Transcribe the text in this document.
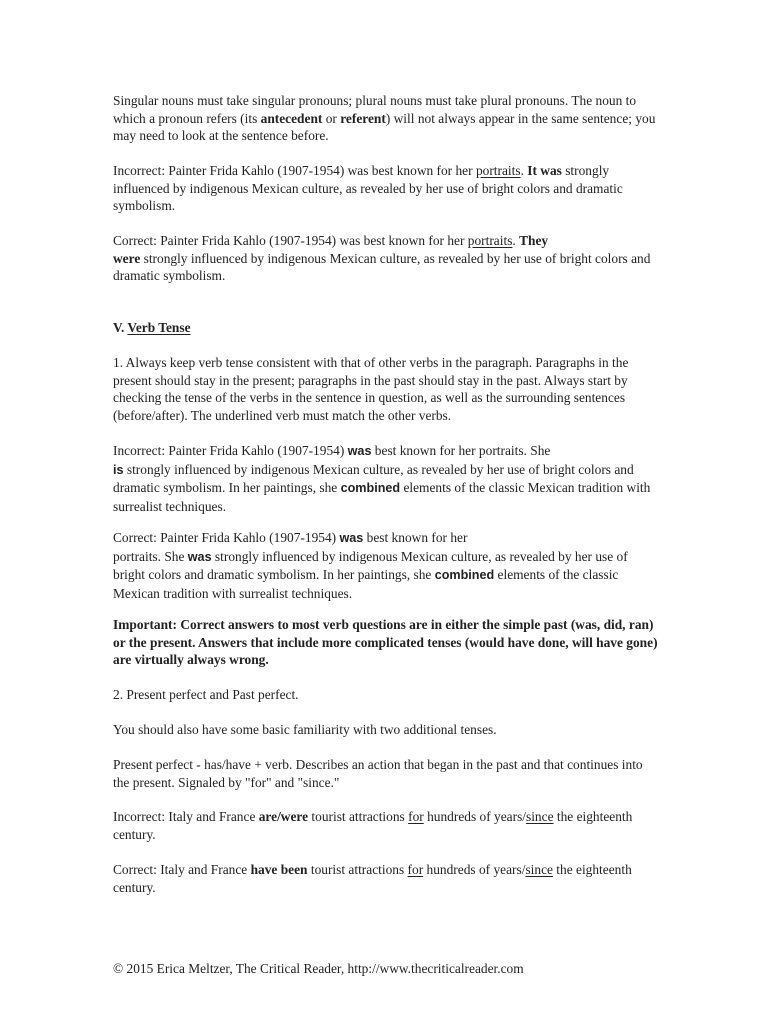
Singular nouns must take singular pronouns; plural nouns must take plural pronouns. The noun to which a pronoun refers (its antecedent or referent) will not always appear in the same sentence; you may need to look at the sentence before.

Incorrect: Painter Frida Kahlo (1907-1954) was best known for her portraits. It was strongly influenced by indigenous Mexican culture, as revealed by her use of bright colors and dramatic symbolism.

Correct: Painter Frida Kahlo (1907-1954) was best known for her portraits. They
were strongly influenced by indigenous Mexican culture, as revealed by her use of bright colors and dramatic symbolism.

V. Verb Tense

1. Always keep verb tense consistent with that of other verbs in the paragraph. Paragraphs in the present should stay in the present; paragraphs in the past should stay in the past. Always start by checking the tense of the verbs in the sentence in question, as well as the surrounding sentences (before/after). The underlined verb must match the other verbs.

Incorrect: Painter Frida Kahlo (1907-1954) was best known for her portraits. She
is strongly influenced by indigenous Mexican culture, as revealed by her use of bright colors and dramatic symbolism. In her paintings, she combined elements of the classic Mexican tradition with surrealist techniques.

Correct: Painter Frida Kahlo (1907-1954) was best known for her
portraits. She was strongly influenced by indigenous Mexican culture, as revealed by her use of bright colors and dramatic symbolism. In her paintings, she combined elements of the classic Mexican tradition with surrealist techniques.

Important: Correct answers to most verb questions are in either the simple past (was, did, ran) or the present. Answers that include more complicated tenses (would have done, will have gone) are virtually always wrong.

2. Present perfect and Past perfect.

You should also have some basic familiarity with two additional tenses.

Present perfect - has/have + verb. Describes an action that began in the past and that continues into the present. Signaled by "for" and "since."

Incorrect: Italy and France are/were tourist attractions for hundreds of years/since the eighteenth century.

Correct: Italy and France have been tourist attractions for hundreds of years/since the eighteenth century.

© 2015 Erica Meltzer, The Critical Reader, http://www.thecriticalreader.com
